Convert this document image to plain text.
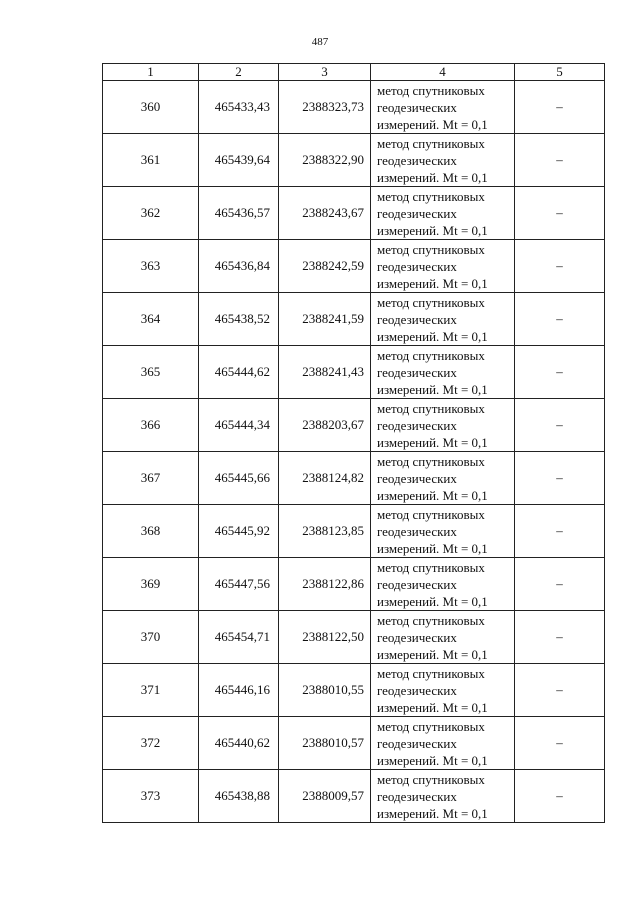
487
1	2	3	4	5
360	465433,43	2388323,73	метод спутниковых
геодезических
измерений. Mt = 0,1	–
361	465439,64	2388322,90	метод спутниковых
геодезических
измерений. Mt = 0,1	–
362	465436,57	2388243,67	метод спутниковых
геодезических
измерений. Mt = 0,1	–
363	465436,84	2388242,59	метод спутниковых
геодезических
измерений. Mt = 0,1	–
364	465438,52	2388241,59	метод спутниковых
геодезических
измерений. Mt = 0,1	–
365	465444,62	2388241,43	метод спутниковых
геодезических
измерений. Mt = 0,1	–
366	465444,34	2388203,67	метод спутниковых
геодезических
измерений. Mt = 0,1	–
367	465445,66	2388124,82	метод спутниковых
геодезических
измерений. Mt = 0,1	–
368	465445,92	2388123,85	метод спутниковых
геодезических
измерений. Mt = 0,1	–
369	465447,56	2388122,86	метод спутниковых
геодезических
измерений. Mt = 0,1	–
370	465454,71	2388122,50	метод спутниковых
геодезических
измерений. Mt = 0,1	–
371	465446,16	2388010,55	метод спутниковых
геодезических
измерений. Mt = 0,1	–
372	465440,62	2388010,57	метод спутниковых
геодезических
измерений. Mt = 0,1	–
373	465438,88	2388009,57	метод спутниковых
геодезических
измерений. Mt = 0,1	–
